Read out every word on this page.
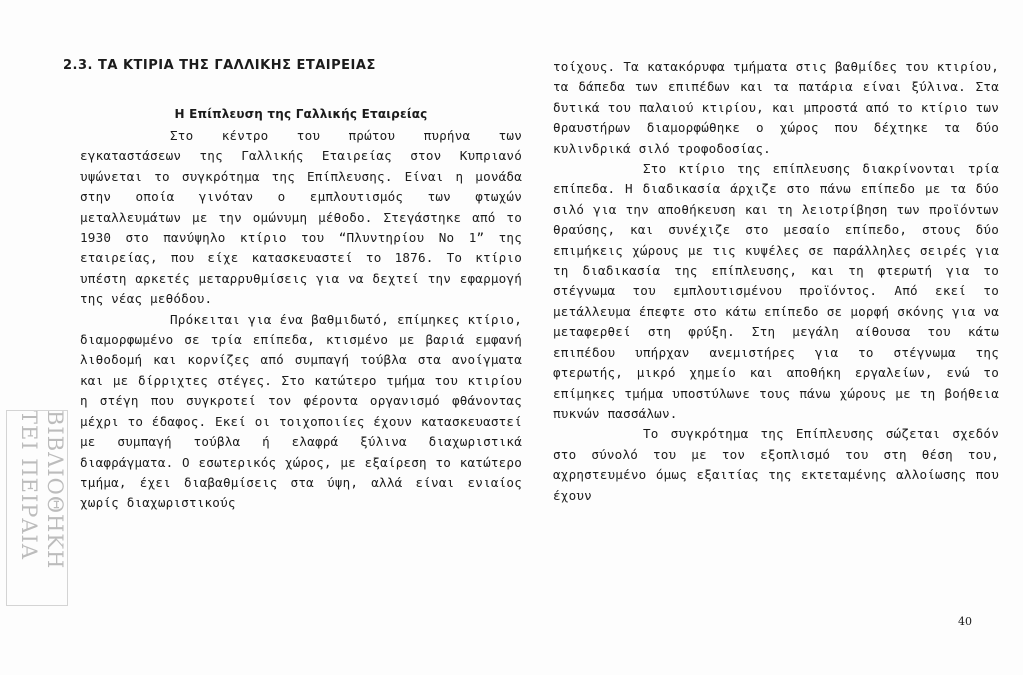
2.3. ΤΑ ΚΤΙΡΙΑ ΤΗΣ ΓΑΛΛΙΚΗΣ ΕΤΑΙΡΕΙΑΣ
Η Επίπλευση της Γαλλικής Εταιρείας

Στο κέντρο του πρώτου πυρήνα των εγκαταστάσεων της Γαλλικής Εταιρείας στον Κυπριανό υψώνεται το συγκρότημα της Επίπλευσης. Είναι η μονάδα στην οποία γινόταν ο εμπλουτισμός των φτωχών μεταλλευμάτων με την ομώνυμη μέθοδο. Στεγάστηκε από το 1930 στο πανύψηλο κτίριο του “Πλυντηρίου Νο 1” της εταιρείας, που είχε κατασκευαστεί το 1876. Το κτίριο υπέστη αρκετές μεταρρυθμίσεις για να δεχτεί την εφαρμογή της νέας μεθόδου.

Πρόκειται για ένα βαθμιδωτό, επίμηκες κτίριο, διαμορφωμένο σε τρία επίπεδα, κτισμένο με βαριά εμφανή λιθοδομή και κορνίζες από συμπαγή τούβλα στα ανοίγματα και με δίρριχτες στέγες. Στο κατώτερο τμήμα του κτιρίου η στέγη που συγκροτεί τον φέροντα οργανισμό φθάνοντας μέχρι το έδαφος. Εκεί οι τοιχοποιίες έχουν κατασκευαστεί με συμπαγή τούβλα ή ελαφρά ξύλινα διαχωριστικά διαφράγματα. Ο εσωτερικός χώρος, με εξαίρεση το κατώτερο τμήμα, έχει διαβαθμίσεις στα ύψη, αλλά είναι ενιαίος χωρίς διαχωριστικούς

τοίχους. Τα κατακόρυφα τμήματα στις βαθμίδες του κτιρίου, τα δάπεδα των επιπέδων και τα πατάρια είναι ξύλινα. Στα δυτικά του παλαιού κτιρίου, και μπροστά από το κτίριο των θραυστήρων διαμορφώθηκε ο χώρος που δέχτηκε τα δύο κυλινδρικά σιλό τροφοδοσίας.

Στο κτίριο της επίπλευσης διακρίνονται τρία επίπεδα. Η διαδικασία άρχιζε στο πάνω επίπεδο με τα δύο σιλό για την αποθήκευση και τη λειοτρίβηση των προϊόντων θραύσης, και συνέχιζε στο μεσαίο επίπεδο, στους δύο επιμήκεις χώρους με τις κυψέλες σε παράλληλες σειρές για τη διαδικασία της επίπλευσης, και τη φτερωτή για το στέγνωμα του εμπλουτισμένου προϊόντος. Από εκεί το μετάλλευμα έπεφτε στο κάτω επίπεδο σε μορφή σκόνης για να μεταφερθεί στη φρύξη. Στη μεγάλη αίθουσα του κάτω επιπέδου υπήρχαν ανεμιστήρες για το στέγνωμα της φτερωτής, μικρό χημείο και αποθήκη εργαλείων, ενώ το επίμηκες τμήμα υποστύλωνε τους πάνω χώρους με τη βοήθεια πυκνών πασσάλων.

Το συγκρότημα της Επίπλευσης σώζεται σχεδόν στο σύνολό του με τον εξοπλισμό του στη θέση του, αχρηστευμένο όμως εξαιτίας της εκτεταμένης αλλοίωσης που έχουν

ΒΙΒΛΙΟΘΗΚΗ
ΤΕΙ ΠΕΙΡΑΙΑ
40
